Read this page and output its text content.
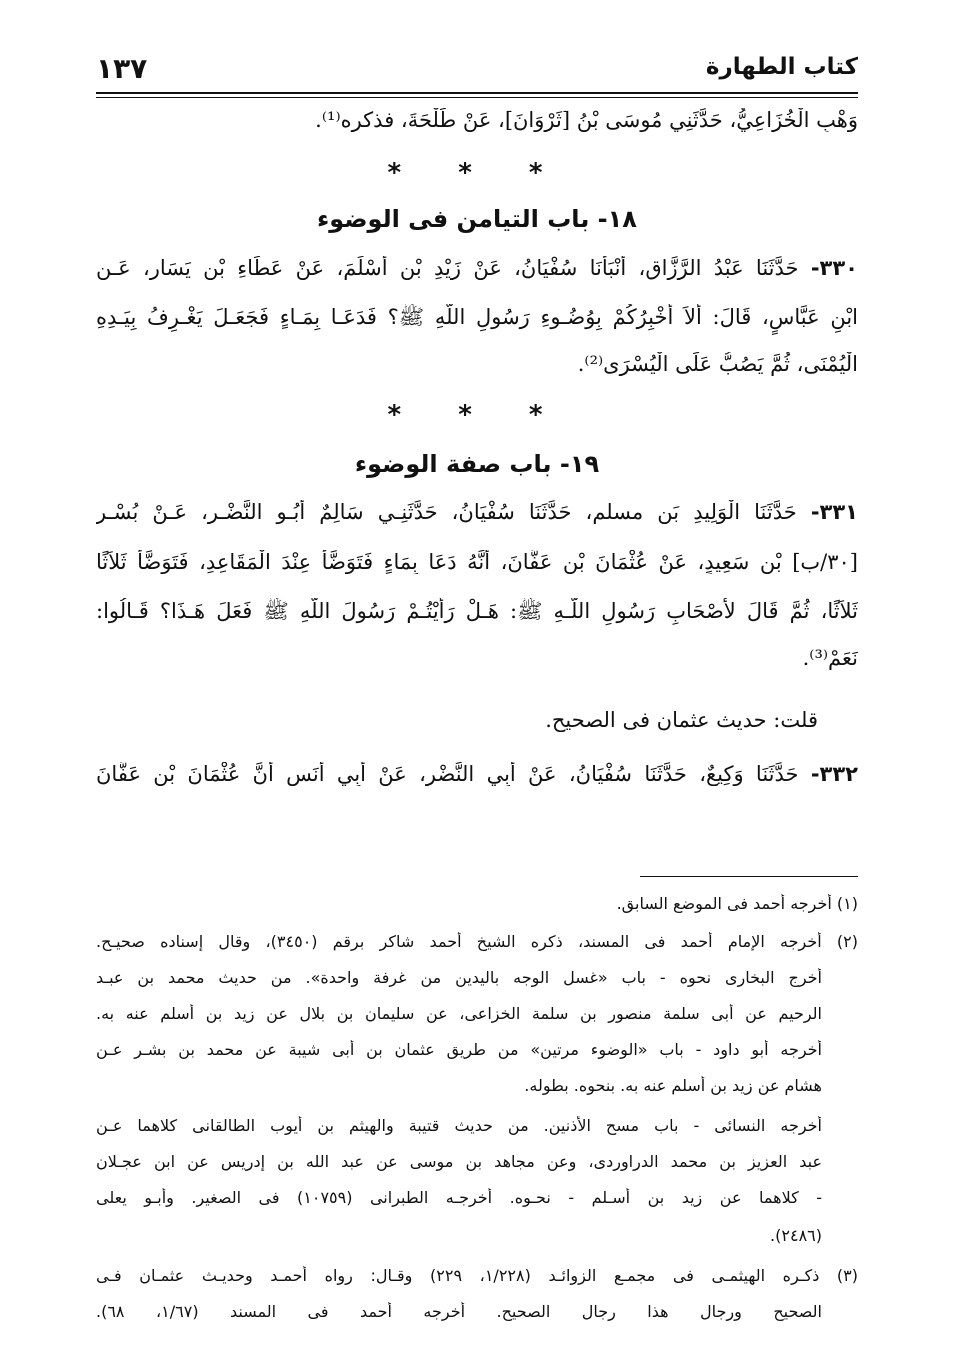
١٣٧	كتاب الطهارة
وَهْبٍ الْخُزَاعِيُّ، حَدَّثَنِي مُوسَى بْنُ [ثَرْوَانَ]، عَنْ طَلْحَةَ، فذكره⁽¹⁾.
* * *
١٨- باب التيامن فى الوضوء
٣٣٠- حَدَّثَنَا عَبْدُ الرَّزَّاقِ، أَنْبَأَنَا سُفْيَانُ، عَنْ زَيْدِ بْنِ أَسْلَمَ، عَنْ عَطَاءِ بْنِ يَسَارٍ، عَـنِ
ابْنِ عَبَّاسٍ، قَالَ: أَلاَ أُخْبِرُكُمْ بِوُضُـوءِ رَسُولِ اللَّهِ ﷺ؟ فَدَعَـا بِمَـاءٍ فَجَعَـلَ يَغْـرِفُ بِيَـدِهِ
الْيُمْنَى، ثُمَّ يَصُبُّ عَلَى الْيُسْرَى⁽²⁾.
* * *
١٩- باب صفة الوضوء
٣٣١- حَدَّثَنَا الْوَلِيدِ بَن مسلم، حَدَّثَنَا سُفْيَانُ، حَدَّثَنِـي سَالِمٌ أَبُـو النَّضْـرِ، عَـنْ بُسْـرِ
[٣٠/ب] بْنِ سَعِيدٍ، عَنْ عُثْمَانَ بْنِ عَفَّانَ، أَنَّهُ دَعَا بِمَاءٍ فَتَوَضَّأَ عِنْدَ الْمَقَاعِدِ، فَتَوَضَّأَ ثَلاَثًا
ثَلاَثًا، ثُمَّ قَالَ لأَصْحَابِ رَسُولِ اللَّـهِ ﷺ: هَـلْ رَأَيْتُـمْ رَسُولَ اللَّهِ ﷺ فَعَلَ هَـذَا؟ قَـالُوا:
نَعَمْ⁽³⁾.
قلت: حديث عثمان فى الصحيح.
٣٣٢- حَدَّثَنَا وَكِيعٌ، حَدَّثَنَا سُفْيَانُ، عَنْ أَبِي النَّضْرِ، عَنْ أَبِي أَنَسٍ أَنَّ عُثْمَانَ بْنِ عَفَّانَ
(١) أخرجه أحمد فى الموضع السابق.
(٢) أخرجه الإمام أحمد فى المسند، ذكره الشيخ أحمد شاكر برقم (٣٤٥٠)، وقال إسناده صحيـح.
أخرج البخارى نحوه - باب «غسل الوجه باليدين من غرفة واحدة». من حديث محمد بن عبـد
الرحيم عن أبى سلمة منصور بن سلمة الخزاعى، عن سليمان بن بلال عن زيد بن أسلم عنه به.
أخرجه أبو داود - باب «الوضوء مرتين» من طريق عثمان بن أبى شيبة عن محمد بن بشـر عـن
هشام عن زيد بن أسلم عنه به. بنحوه. بطوله.
أخرجه النسائى - باب مسح الأذنين. من حديث قتيبة والهيثم بن أيوب الطالقانى كلاهما عـن
عبد العزيز بن محمد الدراوردى، وعن مجاهد بن موسى عن عبد الله بن إدريس عن ابن عجـلان
- كلاهما عن زيد بن أسـلم - نحـوه. أخرجـه الطبرانى (١٠٧٥٩) فى الصغير. وأبـو يعلى
(٢٤٨٦).
(٣) ذكـره الهيثمـى فى مجمـع الزوائـد (١/٢٢٨، ٢٢٩) وقـال: رواه أحمـد وحديـث عثمـان فـى
الصحيح ورجال هذا رجال الصحيح. أخرجه أحمد فى المسند (١/٦٧، ٦٨).
